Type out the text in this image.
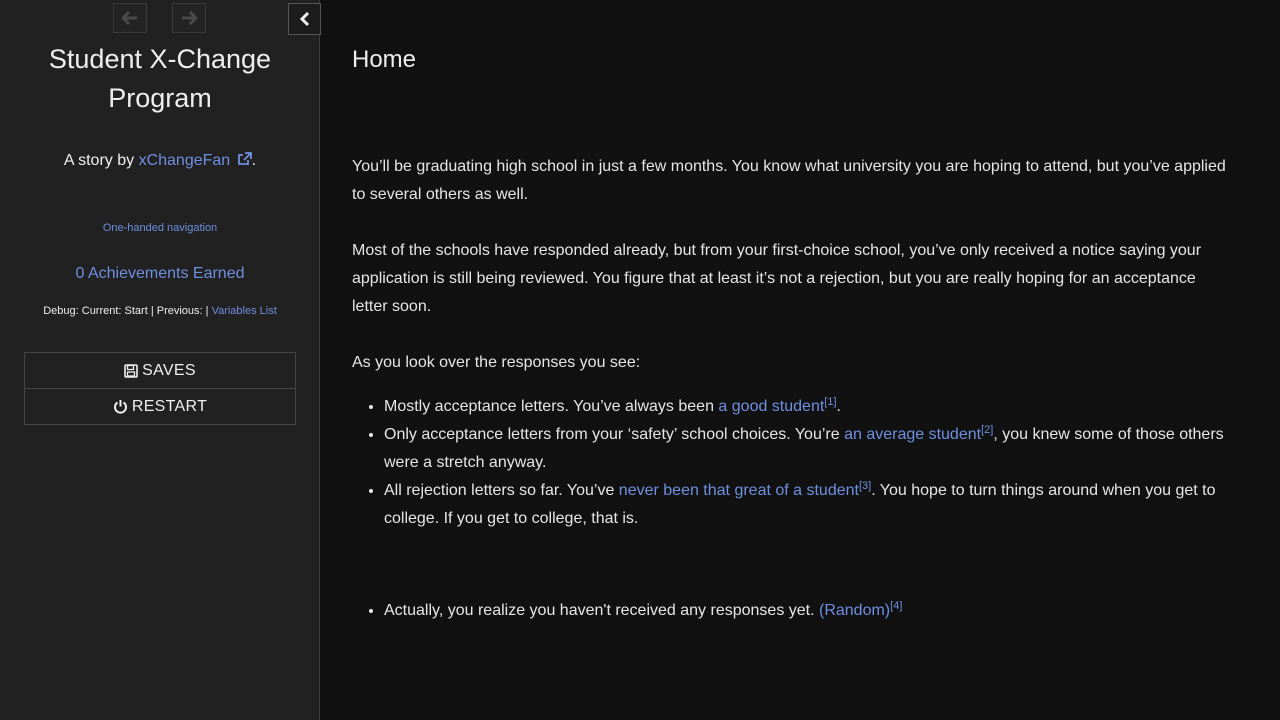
Student X-Change Program
A story by xChangeFan .
One-handed navigation
0 Achievements Earned
Debug: Current: Start | Previous: | Variables List
SAVES
RESTART
Home

You’ll be graduating high school in just a few months. You know what university you are hoping to attend, but you’ve applied to several others as well.

Most of the schools have responded already, but from your first-choice school, you’ve only received a notice saying your application is still being reviewed. You figure that at least it’s not a rejection, but you are really hoping for an acceptance letter soon.

As you look over the responses you see:

• Mostly acceptance letters. You’ve always been a good student[1].
• Only acceptance letters from your ‘safety’ school choices. You’re an average student[2], you knew some of those others were a stretch anyway.
• All rejection letters so far. You’ve never been that great of a student[3]. You hope to turn things around when you get to college. If you get to college, that is.
• Actually, you realize you haven't received any responses yet. (Random)[4]
